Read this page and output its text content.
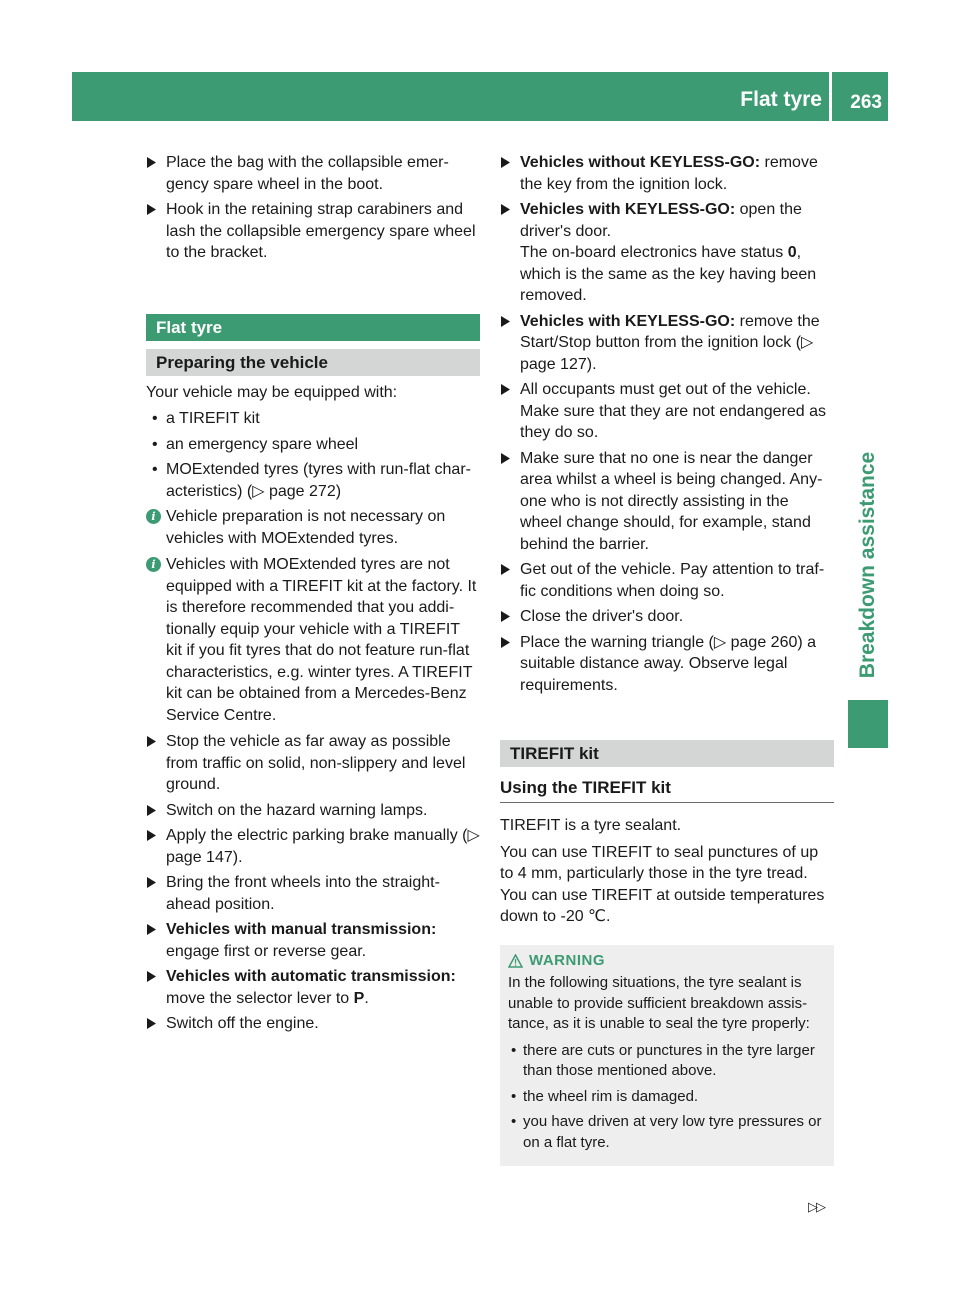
Flat tyre 263
Breakdown assistance
Place the bag with the collapsible emer-gency spare wheel in the boot.
Hook in the retaining strap carabiners and lash the collapsible emergency spare wheel to the bracket.
Flat tyre
Preparing the vehicle
Your vehicle may be equipped with:
• a TIREFIT kit
• an emergency spare wheel
• MOExtended tyres (tyres with run-flat char-acteristics) (▷ page 272)
i Vehicle preparation is not necessary on vehicles with MOExtended tyres.
i Vehicles with MOExtended tyres are not equipped with a TIREFIT kit at the factory. It is therefore recommended that you addi-tionally equip your vehicle with a TIREFIT kit if you fit tyres that do not feature run-flat characteristics, e.g. winter tyres. A TIREFIT kit can be obtained from a Mercedes-Benz Service Centre.
Stop the vehicle as far away as possible from traffic on solid, non-slippery and level ground.
Switch on the hazard warning lamps.
Apply the electric parking brake manually (▷ page 147).
Bring the front wheels into the straight-ahead position.
Vehicles with manual transmission:
engage first or reverse gear.
Vehicles with automatic transmission:
move the selector lever to P.
Switch off the engine.
Vehicles without KEYLESS-GO: remove the key from the ignition lock.
Vehicles with KEYLESS-GO: open the driver's door.
The on-board electronics have status 0, which is the same as the key having been removed.
Vehicles with KEYLESS-GO: remove the Start/Stop button from the ignition lock (▷ page 127).
All occupants must get out of the vehicle. Make sure that they are not endangered as they do so.
Make sure that no one is near the danger area whilst a wheel is being changed. Any-one who is not directly assisting in the wheel change should, for example, stand behind the barrier.
Get out of the vehicle. Pay attention to traf-fic conditions when doing so.
Close the driver's door.
Place the warning triangle (▷ page 260) a suitable distance away. Observe legal requirements.
TIREFIT kit
Using the TIREFIT kit
TIREFIT is a tyre sealant.
You can use TIREFIT to seal punctures of up to 4 mm, particularly those in the tyre tread. You can use TIREFIT at outside temperatures down to -20 ℃.
WARNING
In the following situations, the tyre sealant is unable to provide sufficient breakdown assis-tance, as it is unable to seal the tyre properly:
• there are cuts or punctures in the tyre larger than those mentioned above.
• the wheel rim is damaged.
• you have driven at very low tyre pressures or on a flat tyre.
▷▷
